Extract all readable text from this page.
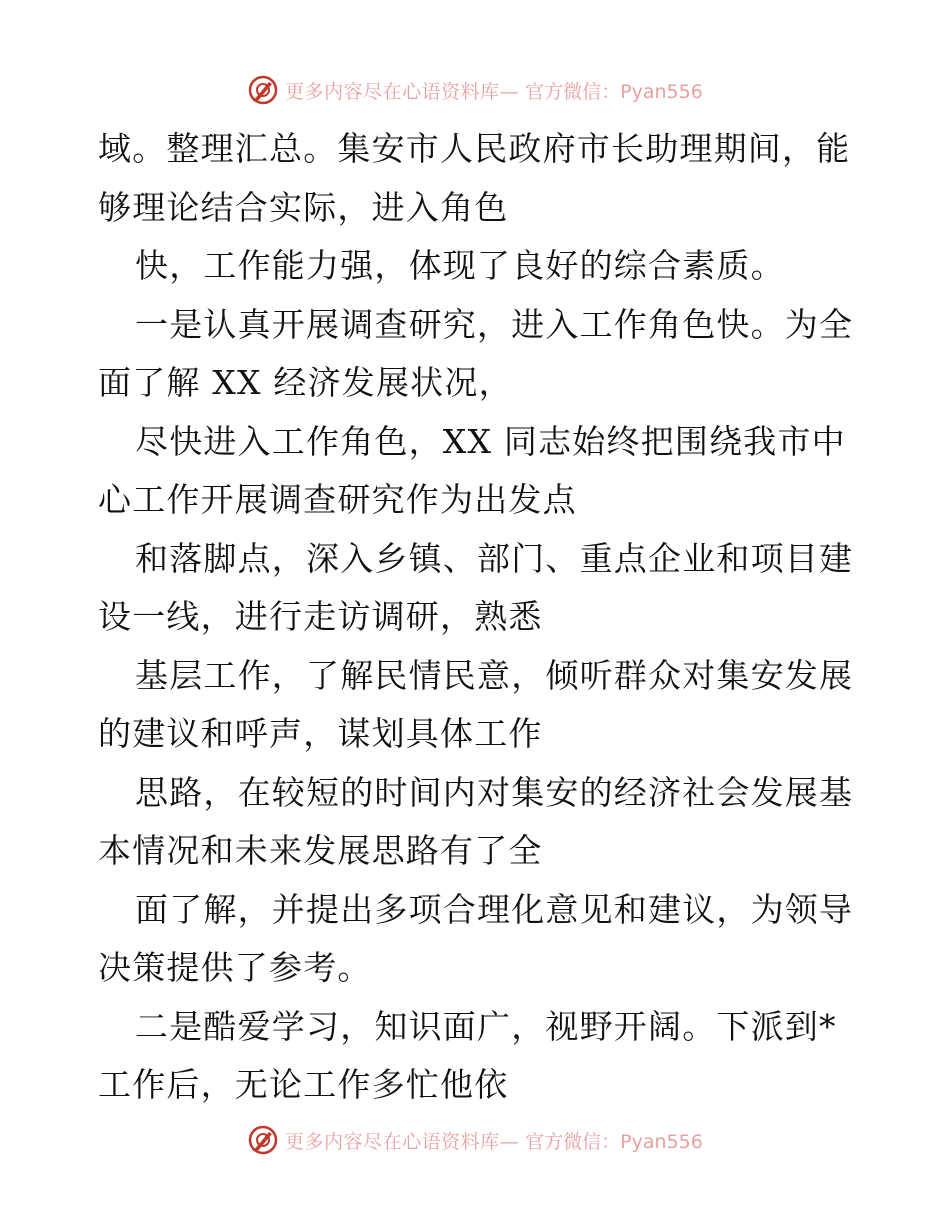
更多内容尽在心语资料库— 官方微信：Pyan556
域。整理汇总。集安市人民政府市长助理期间，能
够理论结合实际，进入角色
快，工作能力强，体现了良好的综合素质。
一是认真开展调查研究，进入工作角色快。为全
面了解 XX 经济发展状况，
尽快进入工作角色，XX 同志始终把围绕我市中
心工作开展调查研究作为出发点
和落脚点，深入乡镇、部门、重点企业和项目建
设一线，进行走访调研，熟悉
基层工作，了解民情民意，倾听群众对集安发展
的建议和呼声，谋划具体工作
思路，在较短的时间内对集安的经济社会发展基
本情况和未来发展思路有了全
面了解，并提出多项合理化意见和建议，为领导
决策提供了参考。
二是酷爱学习，知识面广，视野开阔。下派到*
工作后，无论工作多忙他依
更多内容尽在心语资料库— 官方微信：Pyan556
